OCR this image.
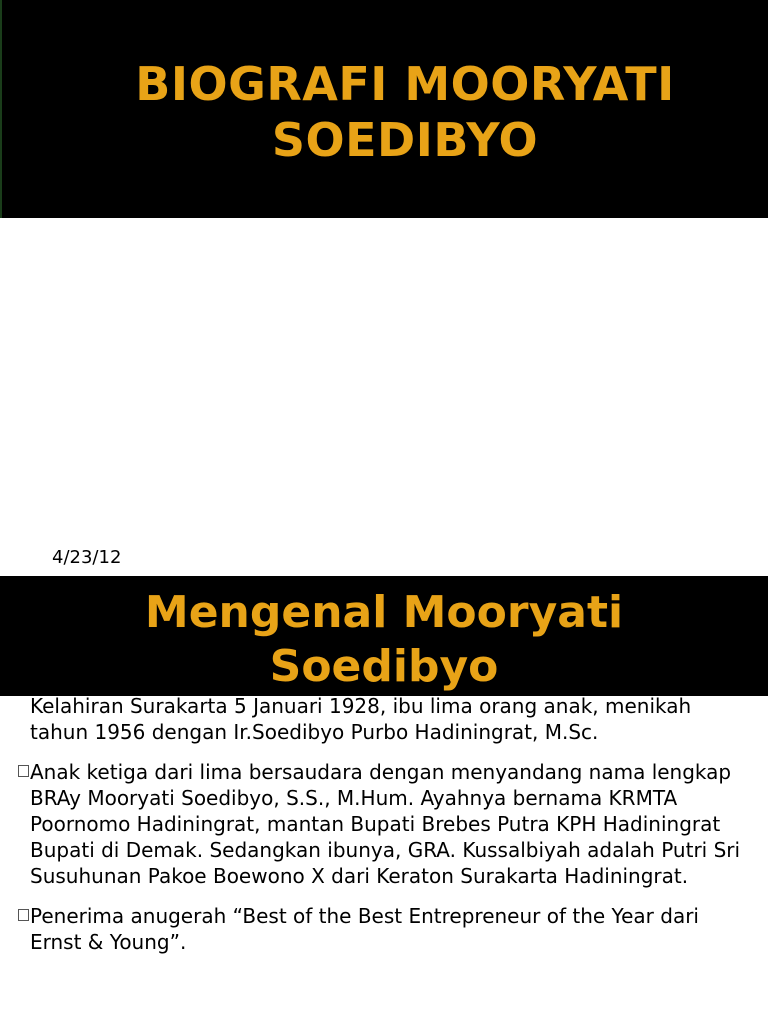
BIOGRAFI MOORYATI
SOEDIBYO

4/23/12

Mengenal Mooryati
Soedibyo

Kelahiran Surakarta 5 Januari 1928, ibu lima orang anak, menikah tahun 1956 dengan Ir.Soedibyo Purbo Hadiningrat, M.Sc.

Anak ketiga dari lima bersaudara dengan menyandang nama lengkap BRAy Mooryati Soedibyo, S.S., M.Hum. Ayahnya bernama KRMTA Poornomo Hadiningrat, mantan Bupati Brebes Putra KPH Hadiningrat Bupati di Demak. Sedangkan ibunya, GRA. Kussalbiyah adalah Putri Sri Susuhunan Pakoe Boewono X dari Keraton Surakarta Hadiningrat.

Penerima anugerah “Best of the Best Entrepreneur of the Year dari Ernst & Young”.
